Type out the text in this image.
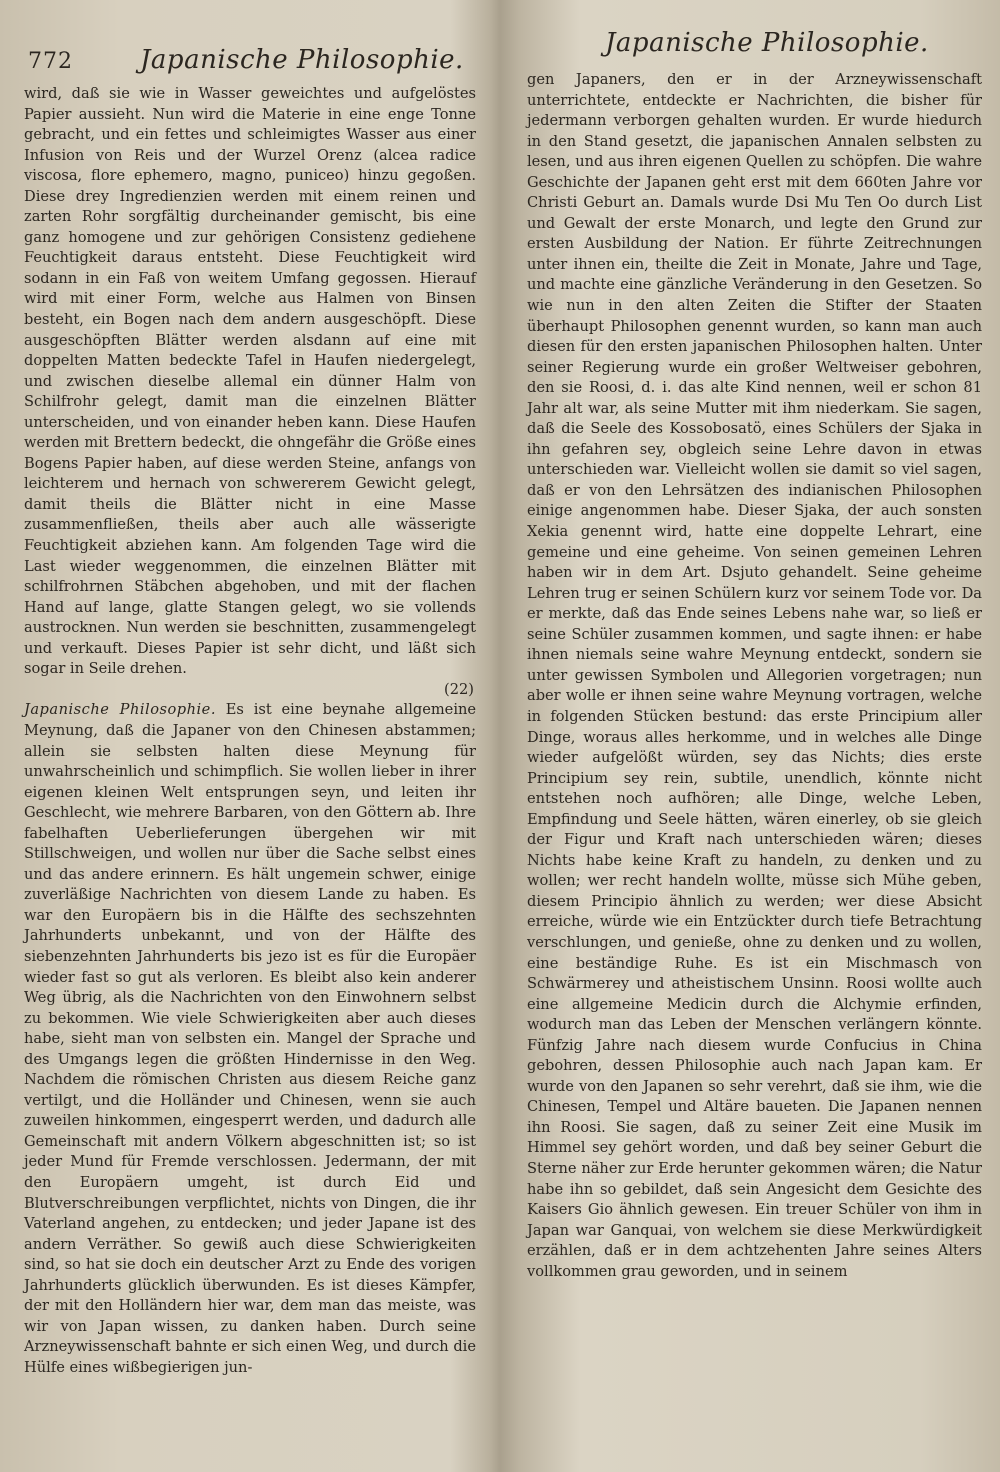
772	Japanische Philosophie.

wird, daß sie wie in Wasser geweichtes und aufgelöstes Papier aussieht. Nun wird die Materie in eine enge Tonne gebracht, und ein fettes und schleimigtes Wasser aus einer Infusion von Reis und der Wurzel Orenz (alcea radice viscosa, flore ephemero, magno, puniceo) hinzu gegoßen. Diese drey Ingredienzien werden mit einem reinen und zarten Rohr sorgfältig durcheinander gemischt, bis eine ganz homogene und zur gehörigen Consistenz gediehene Feuchtigkeit daraus entsteht. Diese Feuchtigkeit wird sodann in ein Faß von weitem Umfang gegossen. Hierauf wird mit einer Form, welche aus Halmen von Binsen besteht, ein Bogen nach dem andern ausgeschöpft. Diese ausgeschöpften Blätter werden alsdann auf eine mit doppelten Matten bedeckte Tafel in Haufen niedergelegt, und zwischen dieselbe allemal ein dünner Halm von Schilfrohr gelegt, damit man die einzelnen Blätter unterscheiden, und von einander heben kann. Diese Haufen werden mit Brettern bedeckt, die ohngefähr die Größe eines Bogens Papier haben, auf diese werden Steine, anfangs von leichterem und hernach von schwererem Gewicht gelegt, damit theils die Blätter nicht in eine Masse zusammenfließen, theils aber auch alle wässerigte Feuchtigkeit abziehen kann. Am folgenden Tage wird die Last wieder weggenommen, die einzelnen Blätter mit schilfrohrnen Stäbchen abgehoben, und mit der flachen Hand auf lange, glatte Stangen gelegt, wo sie vollends austrocknen. Nun werden sie beschnitten, zusammengelegt und verkauft. Dieses Papier ist sehr dicht, und läßt sich sogar in Seile drehen.

(22)

Japanische Philosophie. Es ist eine beynahe allgemeine Meynung, daß die Japaner von den Chinesen abstammen; allein sie selbsten halten diese Meynung für unwahrscheinlich und schimpflich. Sie wollen lieber in ihrer eigenen kleinen Welt entsprungen seyn, und leiten ihr Geschlecht, wie mehrere Barbaren, von den Göttern ab. Ihre fabelhaften Ueberlieferungen übergehen wir mit Stillschweigen, und wollen nur über die Sache selbst eines und das andere erinnern. Es hält ungemein schwer, einige zuverläßige Nachrichten von diesem Lande zu haben. Es war den Europäern bis in die Hälfte des sechszehnten Jahrhunderts unbekannt, und von der Hälfte des siebenzehnten Jahrhunderts bis jezo ist es für die Europäer wieder fast so gut als verloren. Es bleibt also kein anderer Weg übrig, als die Nachrichten von den Einwohnern selbst zu bekommen. Wie viele Schwierigkeiten aber auch dieses habe, sieht man von selbsten ein. Mangel der Sprache und des Umgangs legen die größten Hindernisse in den Weg. Nachdem die römischen Christen aus diesem Reiche ganz vertilgt, und die Holländer und Chinesen, wenn sie auch zuweilen hinkommen, eingesperrt werden, und dadurch alle Gemeinschaft mit andern Völkern abgeschnitten ist; so ist jeder Mund für Fremde verschlossen. Jedermann, der mit den Europäern umgeht, ist durch Eid und Blutverschreibungen verpflichtet, nichts von Dingen, die ihr Vaterland angehen, zu entdecken; und jeder Japane ist des andern Verräther. So gewiß auch diese Schwierigkeiten sind, so hat sie doch ein deutscher Arzt zu Ende des vorigen Jahrhunderts glücklich überwunden. Es ist dieses Kämpfer, der mit den Holländern hier war, dem man das meiste, was wir von Japan wissen, zu danken haben. Durch seine Arzneywissenschaft bahnte er sich einen Weg, und durch die Hülfe eines wißbegierigen jun-

Japanische Philosophie.

gen Japaners, den er in der Arzneywissenschaft unterrichtete, entdeckte er Nachrichten, die bisher für jedermann verborgen gehalten wurden. Er wurde hiedurch in den Stand gesetzt, die japanischen Annalen selbsten zu lesen, und aus ihren eigenen Quellen zu schöpfen. Die wahre Geschichte der Japanen geht erst mit dem 660ten Jahre vor Christi Geburt an. Damals wurde Dsi Mu Ten Oo durch List und Gewalt der erste Monarch, und legte den Grund zur ersten Ausbildung der Nation. Er führte Zeitrechnungen unter ihnen ein, theilte die Zeit in Monate, Jahre und Tage, und machte eine gänzliche Veränderung in den Gesetzen. So wie nun in den alten Zeiten die Stifter der Staaten überhaupt Philosophen genennt wurden, so kann man auch diesen für den ersten japanischen Philosophen halten. Unter seiner Regierung wurde ein großer Weltweiser gebohren, den sie Roosi, d. i. das alte Kind nennen, weil er schon 81 Jahr alt war, als seine Mutter mit ihm niederkam. Sie sagen, daß die Seele des Kossobosatö, eines Schülers der Sjaka in ihn gefahren sey, obgleich seine Lehre davon in etwas unterschieden war. Vielleicht wollen sie damit so viel sagen, daß er von den Lehrsätzen des indianischen Philosophen einige angenommen habe. Dieser Sjaka, der auch sonsten Xekia genennt wird, hatte eine doppelte Lehrart, eine gemeine und eine geheime. Von seinen gemeinen Lehren haben wir in dem Art. Dsjuto gehandelt. Seine geheime Lehren trug er seinen Schülern kurz vor seinem Tode vor. Da er merkte, daß das Ende seines Lebens nahe war, so ließ er seine Schüler zusammen kommen, und sagte ihnen: er habe ihnen niemals seine wahre Meynung entdeckt, sondern sie unter gewissen Symbolen und Allegorien vorgetragen; nun aber wolle er ihnen seine wahre Meynung vortragen, welche in folgenden Stücken bestund: das erste Principium aller Dinge, woraus alles herkomme, und in welches alle Dinge wieder aufgelößt würden, sey das Nichts; dies erste Principium sey rein, subtile, unendlich, könnte nicht entstehen noch aufhören; alle Dinge, welche Leben, Empfindung und Seele hätten, wären einerley, ob sie gleich der Figur und Kraft nach unterschieden wären; dieses Nichts habe keine Kraft zu handeln, zu denken und zu wollen; wer recht handeln wollte, müsse sich Mühe geben, diesem Principio ähnlich zu werden; wer diese Absicht erreiche, würde wie ein Entzückter durch tiefe Betrachtung verschlungen, und genieße, ohne zu denken und zu wollen, eine beständige Ruhe. Es ist ein Mischmasch von Schwärmerey und atheistischem Unsinn. Roosi wollte auch eine allgemeine Medicin durch die Alchymie erfinden, wodurch man das Leben der Menschen verlängern könnte. Fünfzig Jahre nach diesem wurde Confucius in China gebohren, dessen Philosophie auch nach Japan kam. Er wurde von den Japanen so sehr verehrt, daß sie ihm, wie die Chinesen, Tempel und Altäre baueten. Die Japanen nennen ihn Roosi. Sie sagen, daß zu seiner Zeit eine Musik im Himmel sey gehört worden, und daß bey seiner Geburt die Sterne näher zur Erde herunter gekommen wären; die Natur habe ihn so gebildet, daß sein Angesicht dem Gesichte des Kaisers Gio ähnlich gewesen. Ein treuer Schüler von ihm in Japan war Ganquai, von welchem sie diese Merkwürdigkeit erzählen, daß er in dem achtzehenten Jahre seines Alters vollkommen grau geworden, und in seinem
